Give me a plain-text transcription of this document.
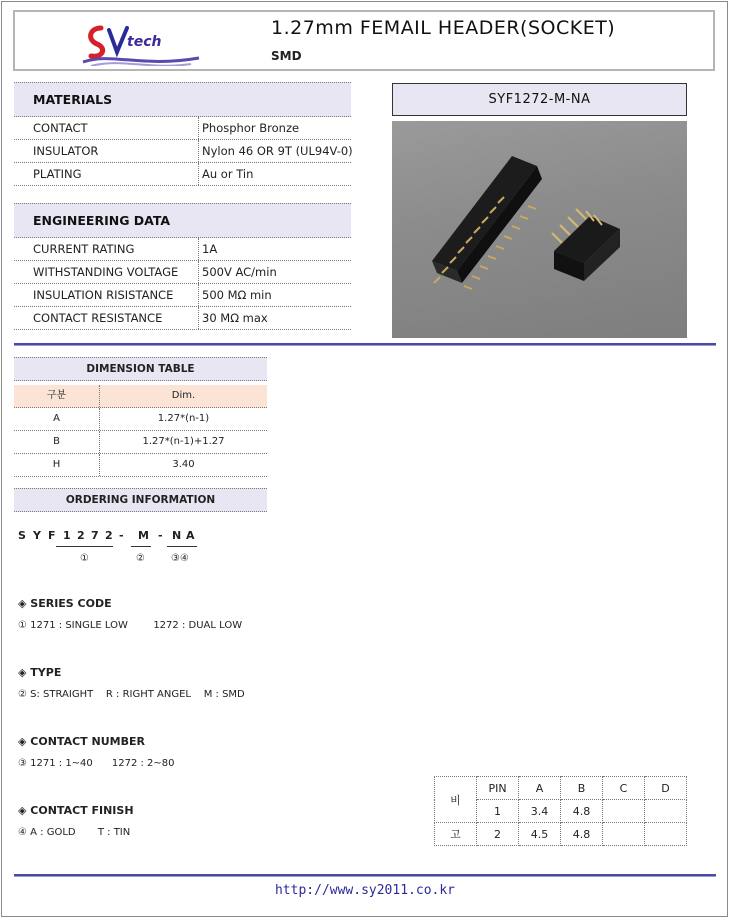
tech
1.27mm FEMAIL HEADER(SOCKET)
SMD
MATERIALS
CONTACT	Phosphor Bronze
INSULATOR	Nylon 46 OR 9T (UL94V-0)
PLATING	Au or Tin
ENGINEERING DATA
CURRENT RATING	1A
WITHSTANDING VOLTAGE	500V AC/min
INSULATION RISISTANCE	500 MΩ min
CONTACT RESISTANCE	30 MΩ max
SYF1272-M-NA
DIMENSION TABLE
구분	Dim.
A	1.27*(n-1)
B	1.27*(n-1)+1.27
H	3.40
ORDERING INFORMATION
S Y F 1 2 7 2 - M - N A
①	②	③④
◈ SERIES CODE
① 1271 : SINGLE LOW        1272 : DUAL LOW
◈ TYPE
② S: STRAIGHT    R : RIGHT ANGEL    M : SMD
◈ CONTACT NUMBER
③ 1271 : 1~40      1272 : 2~80
◈ CONTACT FINISH
④ A : GOLD       T : TIN
비	PIN	A	B	C	D
	1	3.4	4.8		
고	2	4.5	4.8		
http://www.sy2011.co.kr
